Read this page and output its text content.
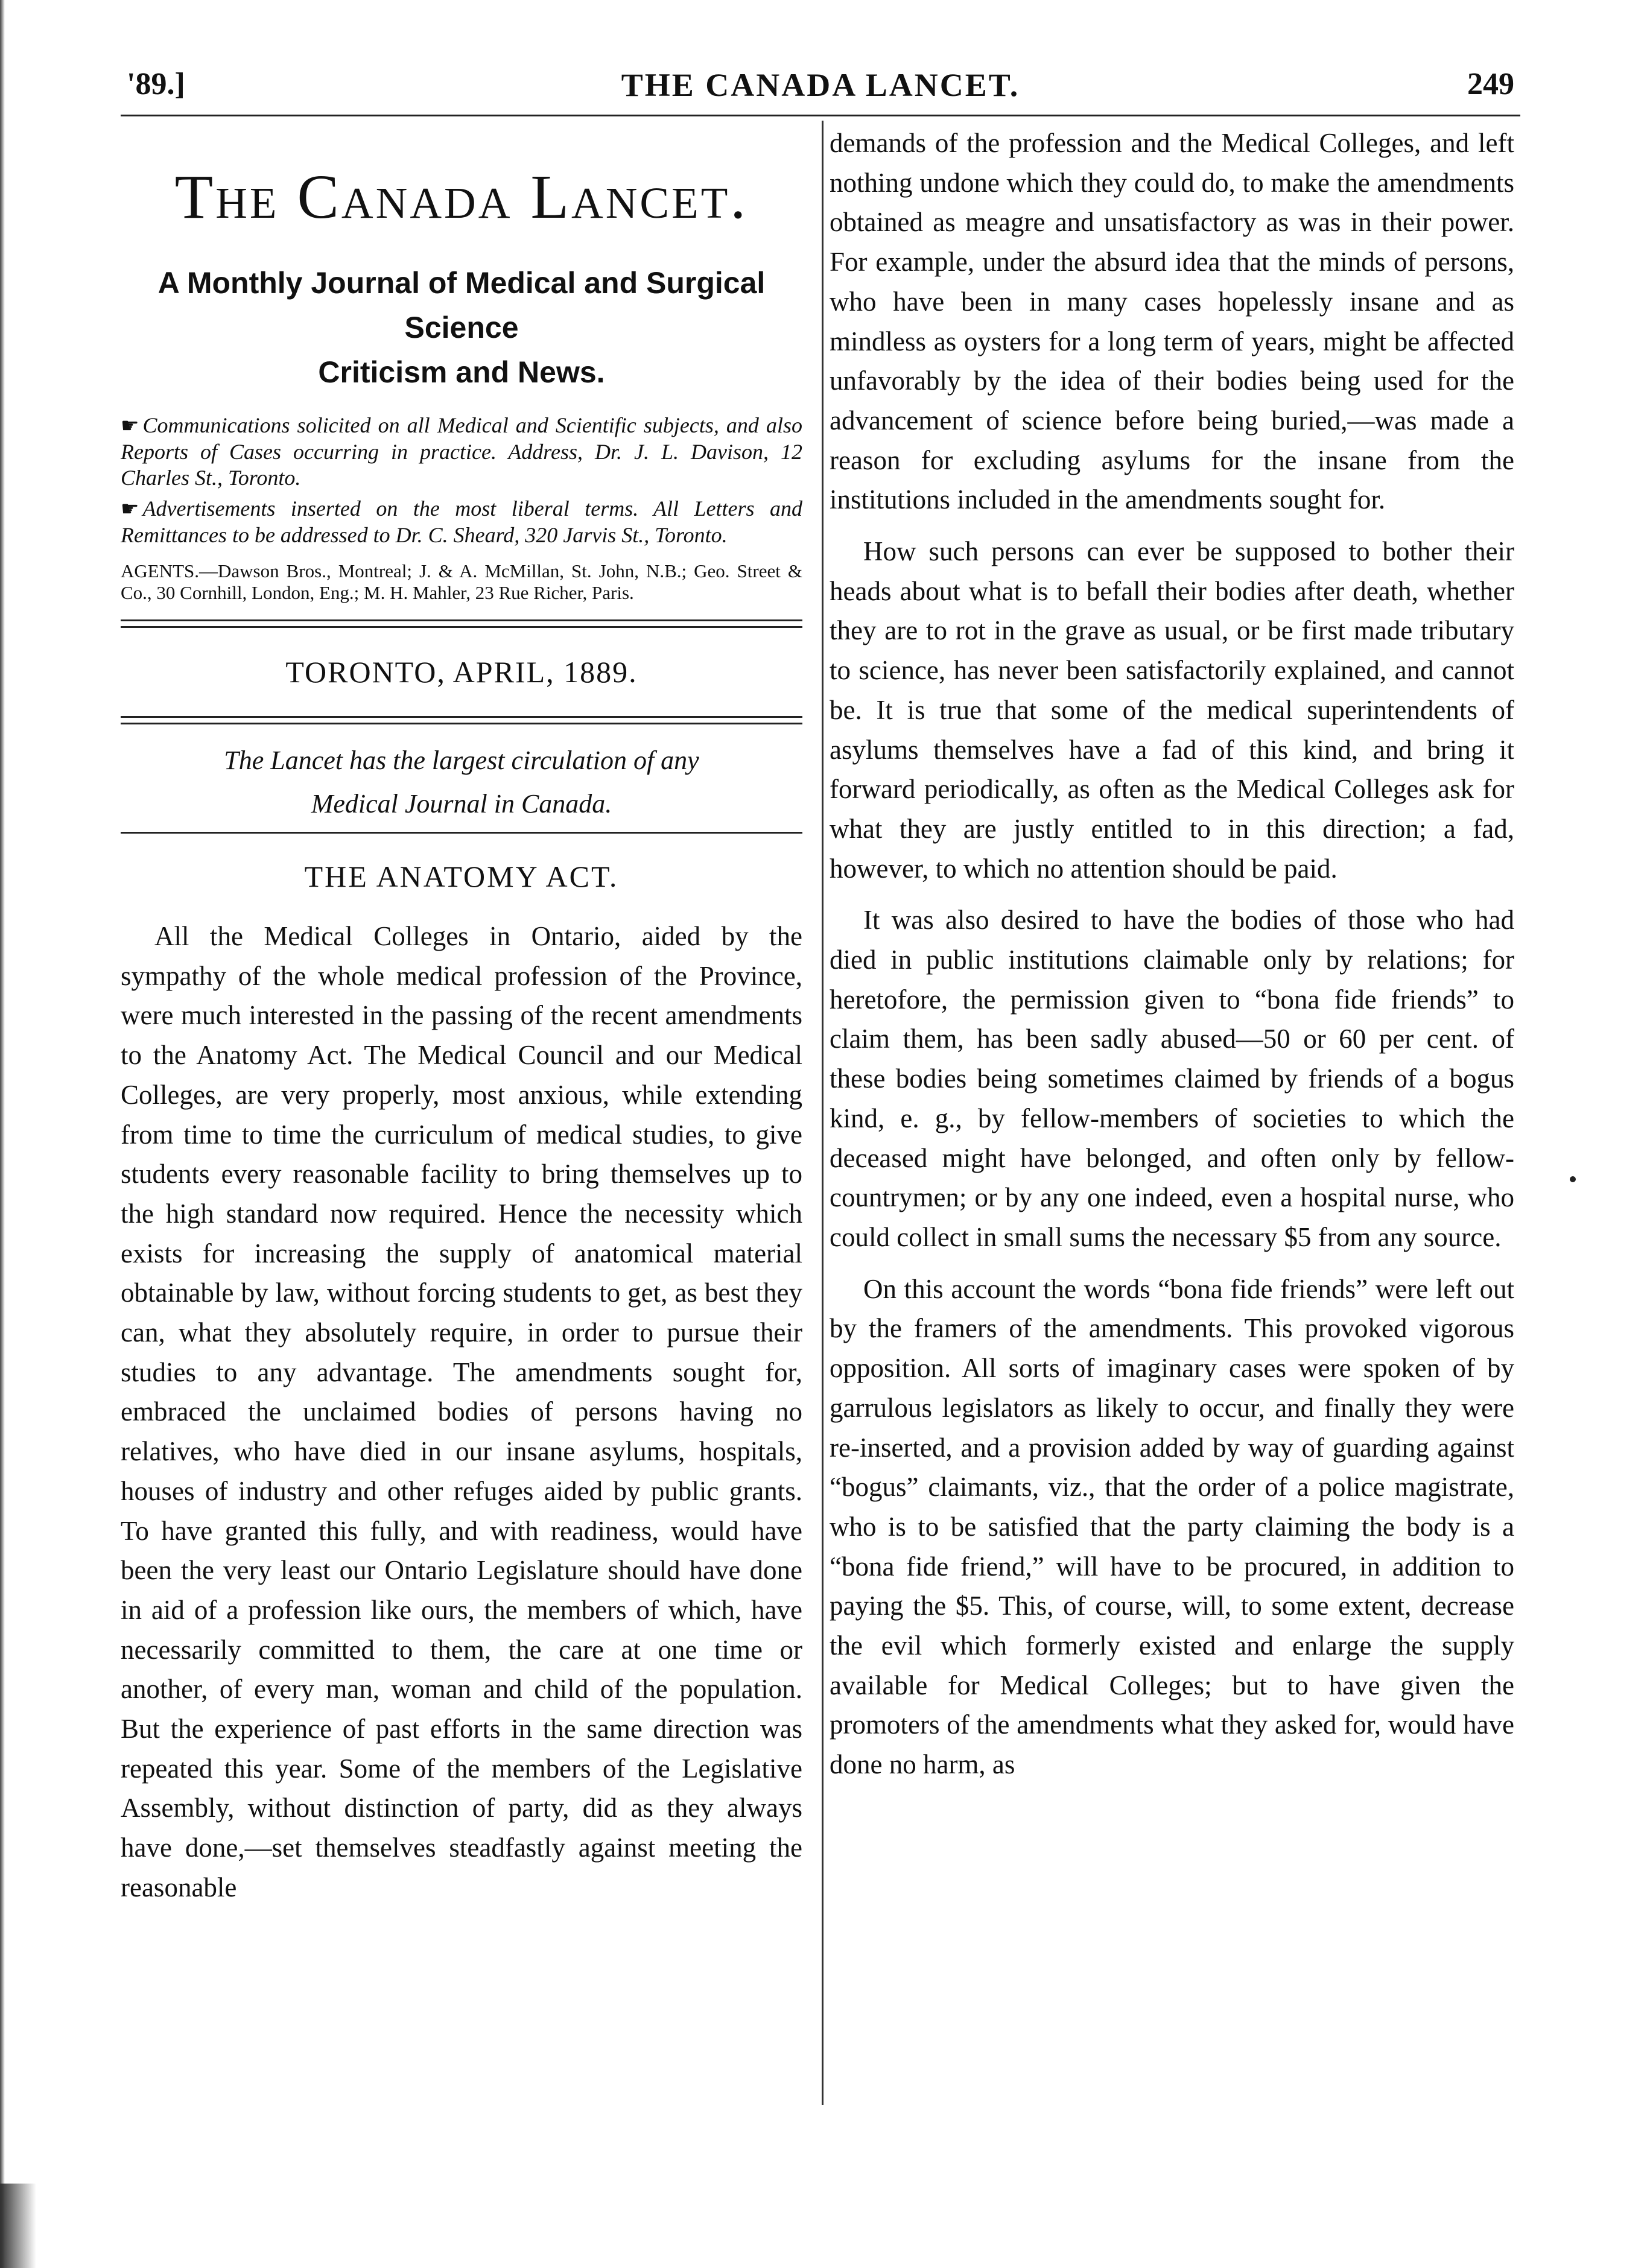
'89.]	THE CANADA LANCET.	249
The Canada Lancet.
A Monthly Journal of Medical and Surgical Science
Criticism and News.
☛ Communications solicited on all Medical and Scientific subjects, and also Reports of Cases occurring in practice. Address, Dr. J. L. Davison, 12 Charles St., Toronto.
☛ Advertisements inserted on the most liberal terms. All Letters and Remittances to be addressed to Dr. C. Sheard, 320 Jarvis St., Toronto.
AGENTS.—Dawson Bros., Montreal; J. & A. McMillan, St. John, N.B.; Geo. Street & Co., 30 Cornhill, London, Eng.; M. H. Mahler, 23 Rue Richer, Paris.
TORONTO, APRIL, 1889.
The Lancet has the largest circulation of any
Medical Journal in Canada.
THE ANATOMY ACT.

All the Medical Colleges in Ontario, aided by the sympathy of the whole medical profession of the Province, were much interested in the passing of the recent amendments to the Anatomy Act. The Medical Council and our Medical Colleges, are very properly, most anxious, while extending from time to time the curriculum of medical studies, to give students every reasonable facility to bring themselves up to the high standard now required. Hence the necessity which exists for increasing the supply of anatomical material obtainable by law, without forcing students to get, as best they can, what they absolutely require, in order to pursue their studies to any advantage. The amendments sought for, embraced the unclaimed bodies of persons having no relatives, who have died in our insane asylums, hospitals, houses of industry and other refuges aided by public grants. To have granted this fully, and with readiness, would have been the very least our Ontario Legislature should have done in aid of a profession like ours, the members of which, have necessarily committed to them, the care at one time or another, of every man, woman and child of the population. But the experience of past efforts in the same direction was repeated this year. Some of the members of the Legislative Assembly, without distinction of party, did as they always have done,—set themselves steadfastly against meeting the reasonable

demands of the profession and the Medical Colleges, and left nothing undone which they could do, to make the amendments obtained as meagre and unsatisfactory as was in their power. For example, under the absurd idea that the minds of persons, who have been in many cases hopelessly insane and as mindless as oysters for a long term of years, might be affected unfavorably by the idea of their bodies being used for the advancement of science before being buried,—was made a reason for excluding asylums for the insane from the institutions included in the amendments sought for.

How such persons can ever be supposed to bother their heads about what is to befall their bodies after death, whether they are to rot in the grave as usual, or be first made tributary to science, has never been satisfactorily explained, and cannot be. It is true that some of the medical superintendents of asylums themselves have a fad of this kind, and bring it forward periodically, as often as the Medical Colleges ask for what they are justly entitled to in this direction; a fad, however, to which no attention should be paid.

It was also desired to have the bodies of those who had died in public institutions claimable only by relations; for heretofore, the permission given to “bona fide friends” to claim them, has been sadly abused—50 or 60 per cent. of these bodies being sometimes claimed by friends of a bogus kind, e. g., by fellow-members of societies to which the deceased might have belonged, and often only by fellow-countrymen; or by any one indeed, even a hospital nurse, who could collect in small sums the necessary $5 from any source.

On this account the words “bona fide friends” were left out by the framers of the amendments. This provoked vigorous opposition. All sorts of imaginary cases were spoken of by garrulous legislators as likely to occur, and finally they were re-inserted, and a provision added by way of guarding against “bogus” claimants, viz., that the order of a police magistrate, who is to be satisfied that the party claiming the body is a “bona fide friend,” will have to be procured, in addition to paying the $5. This, of course, will, to some extent, decrease the evil which formerly existed and enlarge the supply available for Medical Colleges; but to have given the promoters of the amendments what they asked for, would have done no harm, as
